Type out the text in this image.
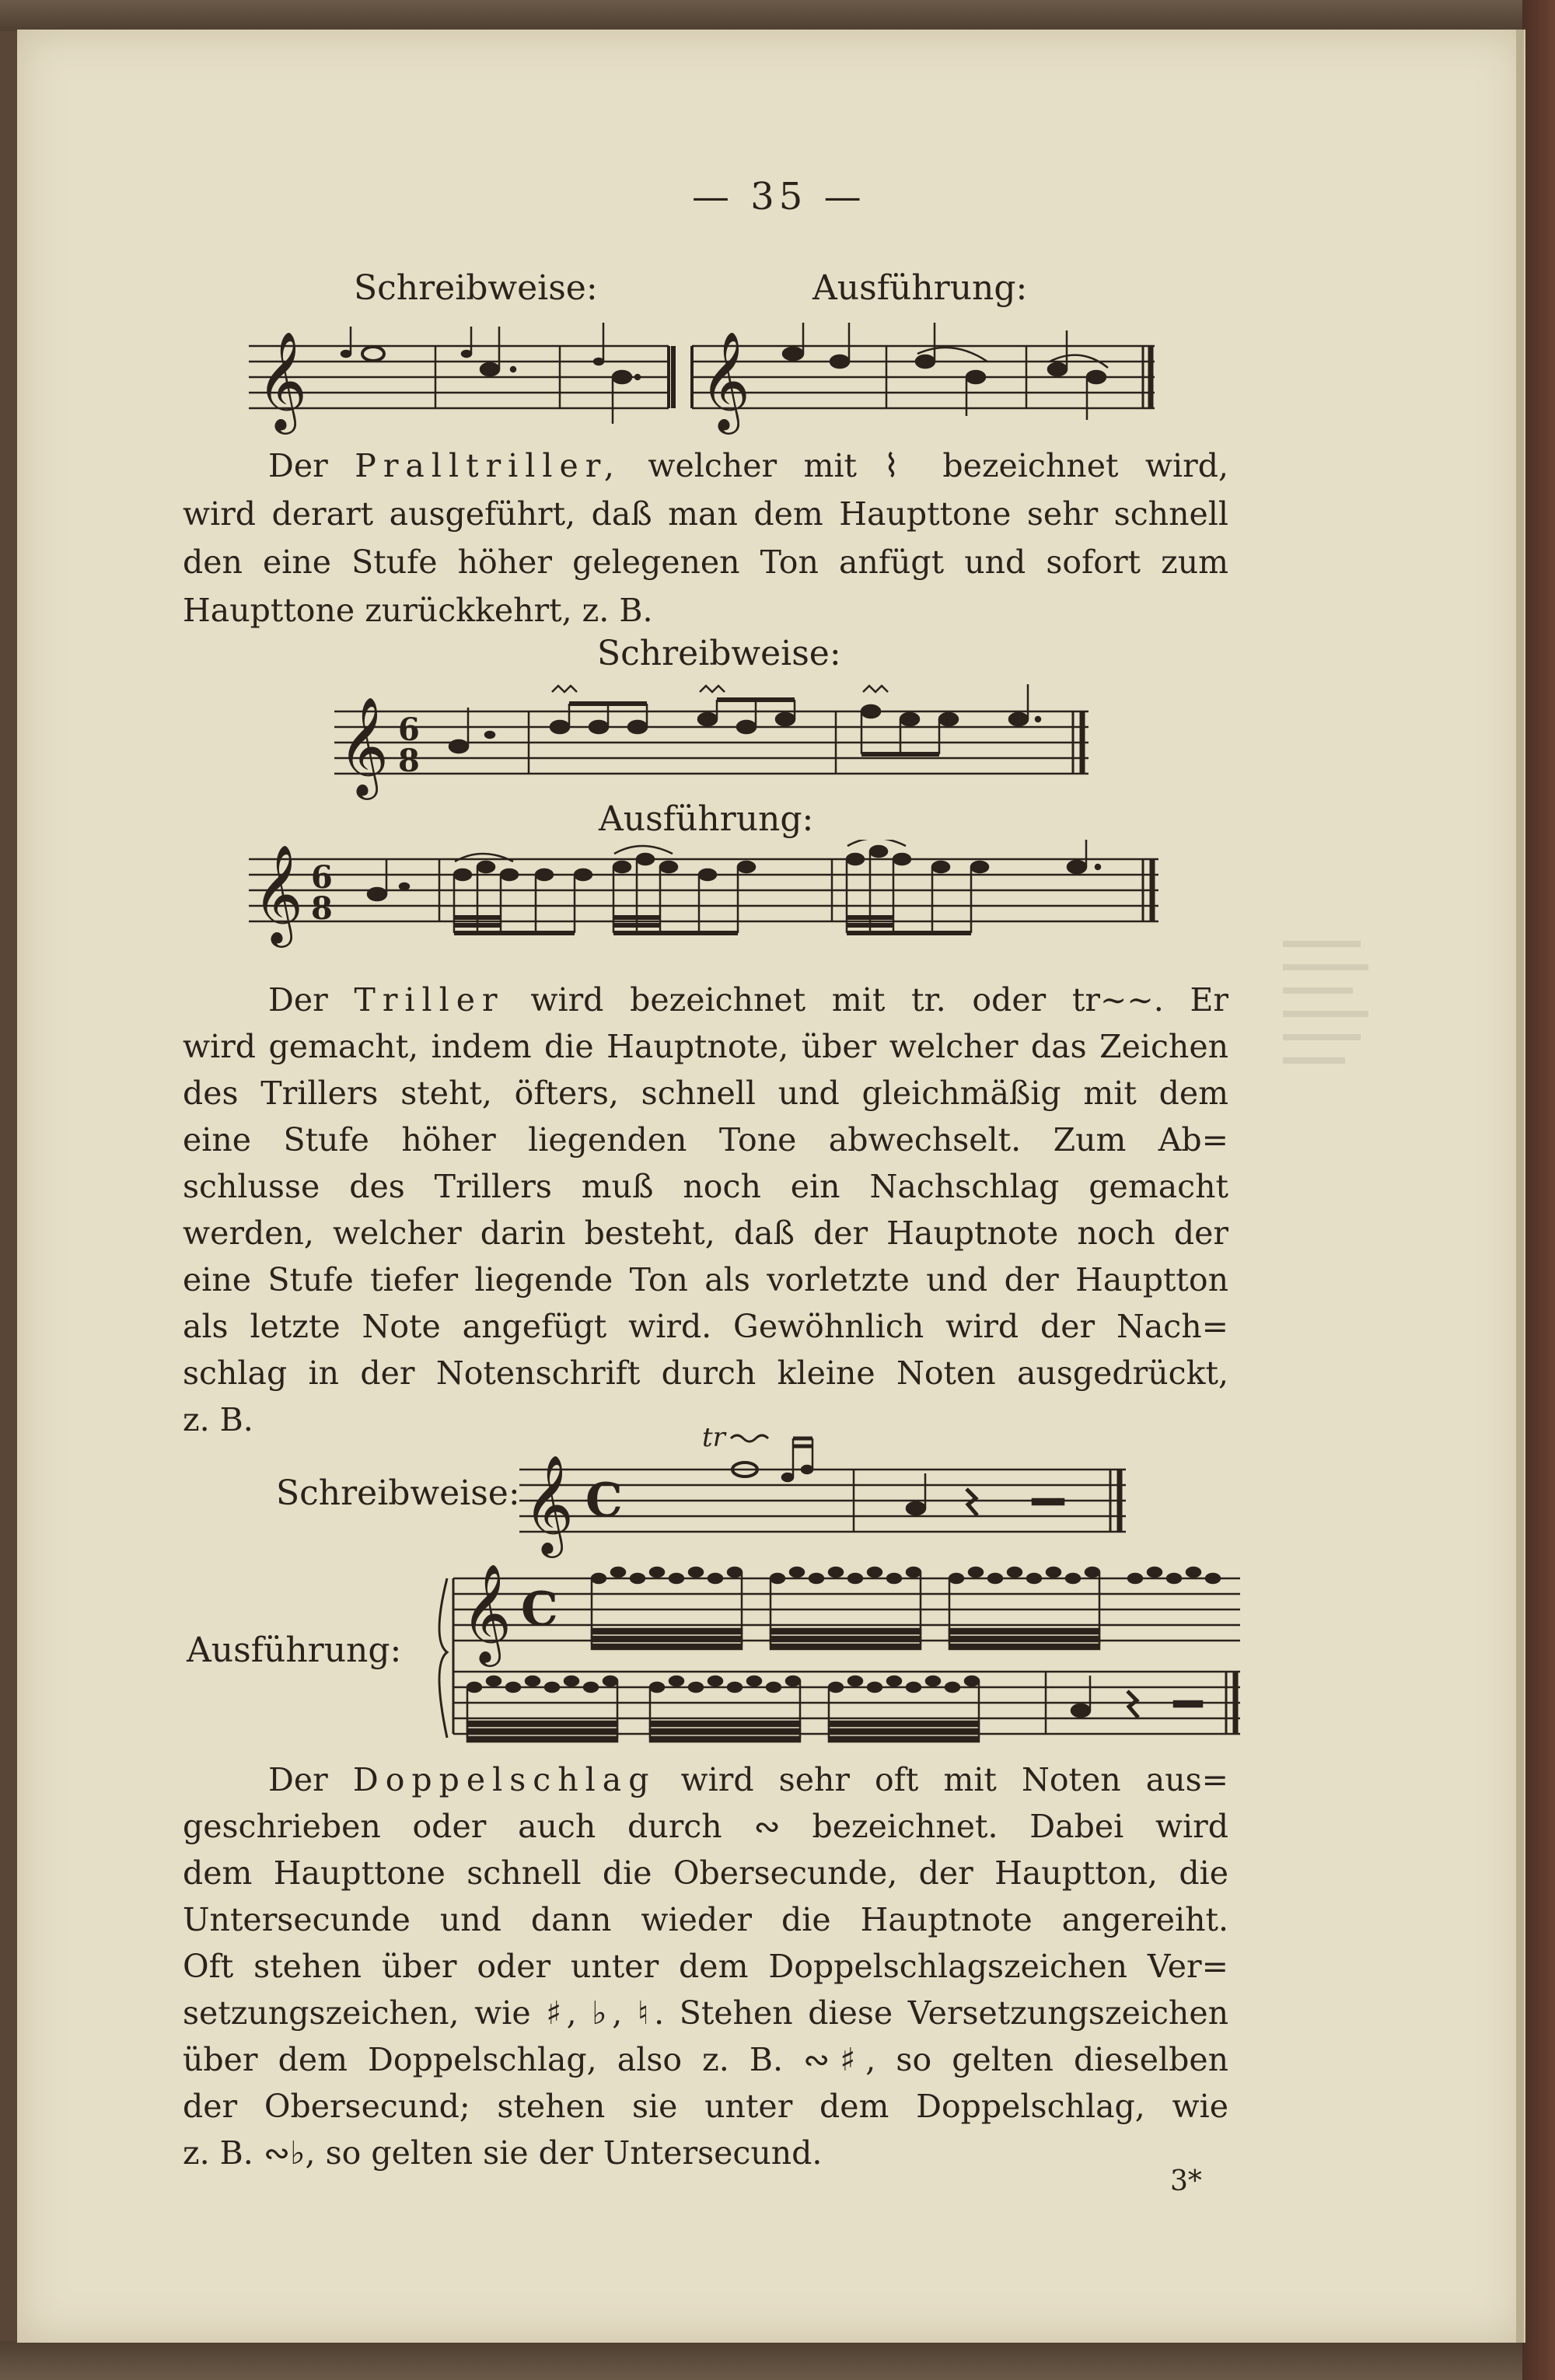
— 35 —
Schreibweise:	Ausführung:
𝄞	𝄞
Der Pralltriller, welcher mit ⌇ bezeichnet wird,
wird derart ausgeführt, daß man dem Haupttone sehr schnell
den eine Stufe höher gelegenen Ton anfügt und sofort zum
Haupttone zurückkehrt, z. B.
Schreibweise:
𝄞 6
8
Ausführung:
𝄞 6
8
Der Triller wird bezeichnet mit tr. oder tr∼∼. Er
wird gemacht, indem die Hauptnote, über welcher das Zeichen
des Trillers steht, öfters, schnell und gleichmäßig mit dem
eine Stufe höher liegenden Tone abwechselt. Zum Ab=
schlusse des Trillers muß noch ein Nachschlag gemacht
werden, welcher darin besteht, daß der Hauptnote noch der
eine Stufe tiefer liegende Ton als vorletzte und der Hauptton
als letzte Note angefügt wird. Gewöhnlich wird der Nach=
schlag in der Notenschrift durch kleine Noten ausgedrückt,
z. B.
Schreibweise:
tr
𝄞 C
Ausführung: 𝄞 C
Der Doppelschlag wird sehr oft mit Noten aus=
geschrieben oder auch durch ∾ bezeichnet. Dabei wird
dem Haupttone schnell die Obersecunde, der Hauptton, die
Untersecunde und dann wieder die Hauptnote angereiht.
Oft stehen über oder unter dem Doppelschlagszeichen Ver=
setzungszeichen, wie ♯, ♭, ♮. Stehen diese Versetzungszeichen
über dem Doppelschlag, also z. B. ∾♯, so gelten dieselben
der Obersecund; stehen sie unter dem Doppelschlag, wie
z. B. ∾♭, so gelten sie der Untersecund.
3*
